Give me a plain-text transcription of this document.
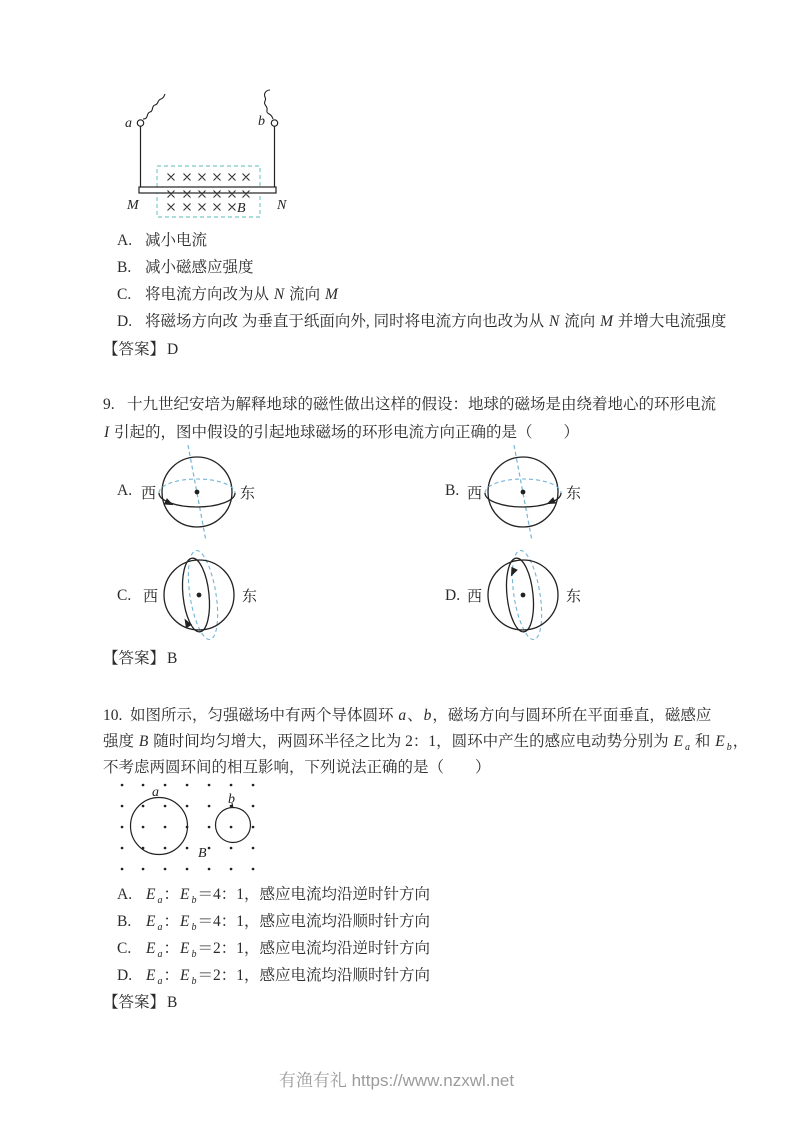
a	b
M	N
B
A. 减小电流
B. 减小磁感应强度
C. 将电流方向改为从 N 流向 M
D. 将磁场方向改 为垂直于纸面向外, 同时将电流方向也改为从 N 流向 M 并增大电流强度
【答案】 D
9. 十九世纪安培为解释地球的磁性做出这样的假设：地球的磁场是由绕着地心的环形电流
I 引起的，图中假设的引起地球磁场的环形电流方向正确的是（　　）
A. 西	东	B. 西	东
C. 西	东	D. 西	东
【答案】 B
10. 如图所示，匀强磁场中有两个导体圆环 a、b，磁场方向与圆环所在平面垂直，磁感应
强度 B 随时间均匀增大，两圆环半径之比为 2：1，圆环中产生的感应电动势分别为 E $_a$ 和 E $_b$，
不考虑两圆环间的相互影响，下列说法正确的是（　　）
a	b
B
A. E $_a$：E $_b$＝4：1，感应电流均沿逆时针方向
B. E $_a$：E $_b$＝4：1，感应电流均沿顺时针方向
C. E $_a$：E $_b$＝2：1，感应电流均沿逆时针方向
D. E $_a$：E $_b$＝2：1，感应电流均沿顺时针方向
【答案】 B
有渔有礼 https://www.nzxwl.net
